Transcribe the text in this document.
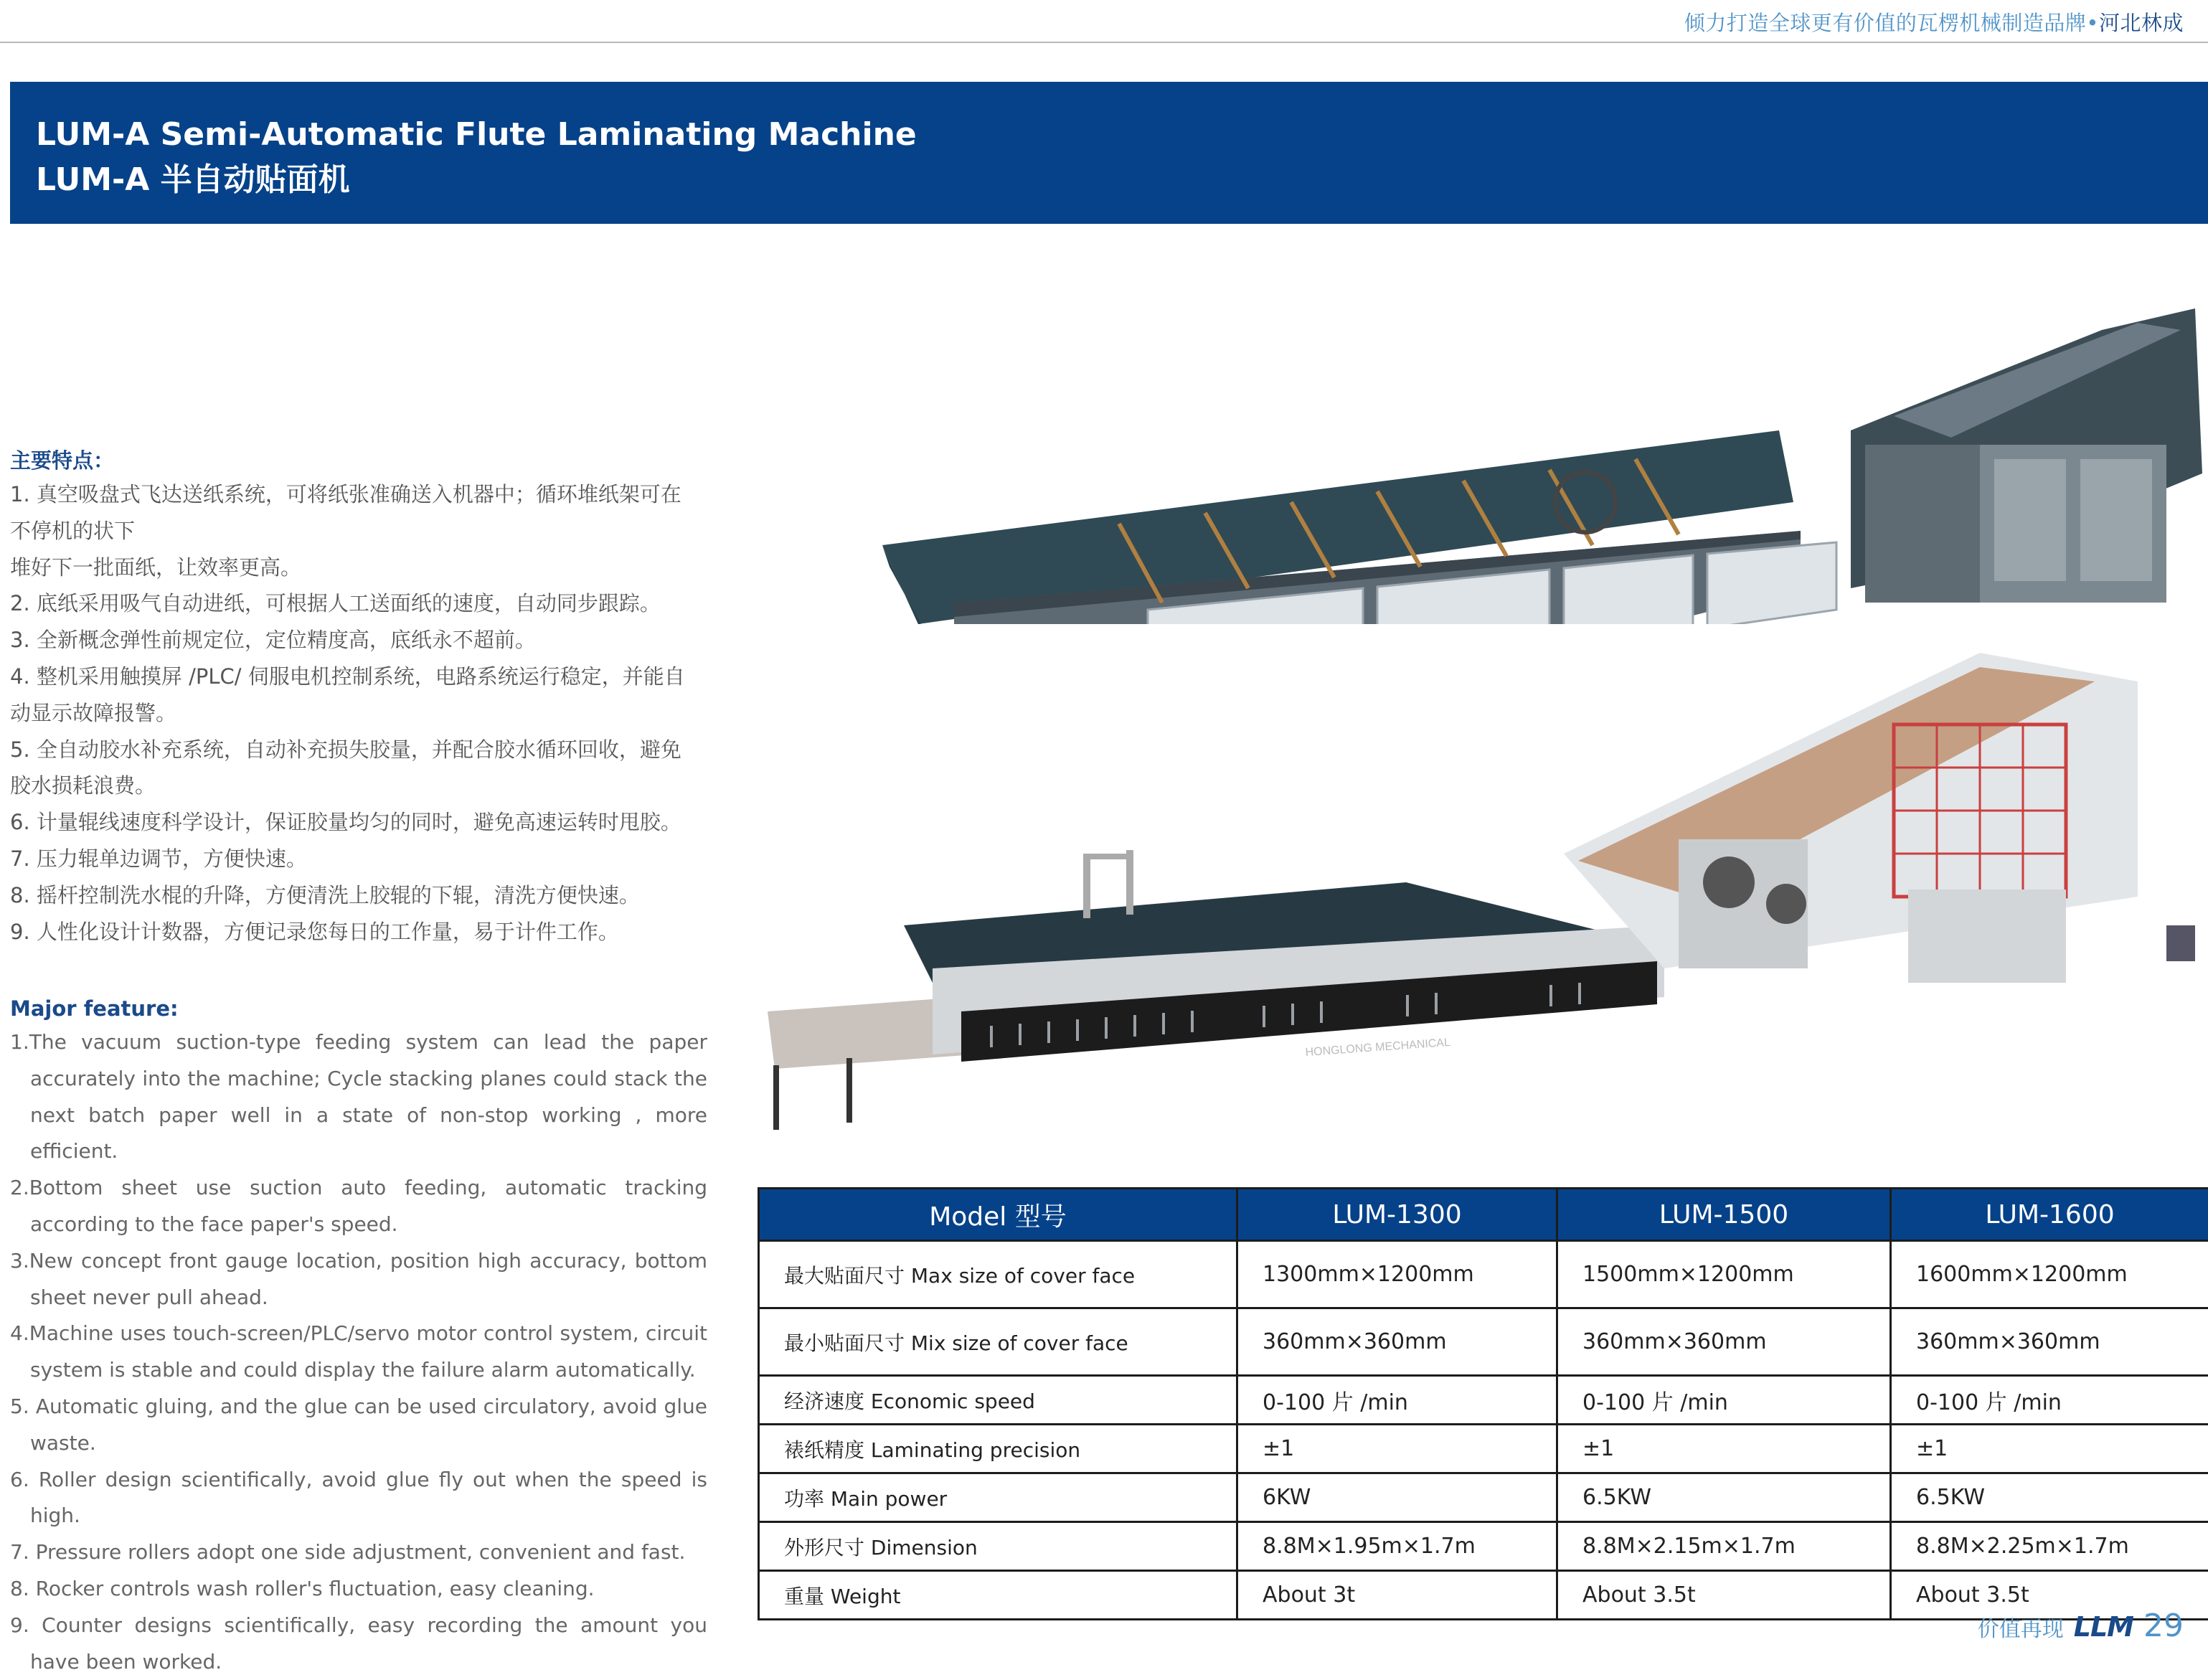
倾力打造全球更有价值的瓦楞机械制造品牌•河北林成
LUM-A Semi-Automatic Flute Laminating Machine
LUM-A 半自动贴面机
主要特点：
1. 真空吸盘式飞达送纸系统，可将纸张准确送入机器中；循环堆纸架可在
不停机的状下
堆好下一批面纸，让效率更高。
2. 底纸采用吸气自动进纸，可根据人工送面纸的速度，自动同步跟踪。
3. 全新概念弹性前规定位，定位精度高，底纸永不超前。
4. 整机采用触摸屏 /PLC/ 伺服电机控制系统，电路系统运行稳定，并能自
动显示故障报警。
5. 全自动胶水补充系统，自动补充损失胶量，并配合胶水循环回收，避免
胶水损耗浪费。
6. 计量辊线速度科学设计，保证胶量均匀的同时，避免高速运转时甩胶。
7. 压力辊单边调节，方便快速。
8. 摇杆控制洗水棍的升降，方便清洗上胶辊的下辊，清洗方便快速。
9. 人性化设计计数器，方便记录您每日的工作量，易于计件工作。
Major feature:
1.The vacuum suction-type feeding system can lead the paper accurately into the machine; Cycle stacking planes could stack the next batch paper well in a state of non-stop working , more efficient.
2.Bottom sheet use suction auto feeding, automatic tracking according to the face paper's speed.
3.New concept front gauge location, position high accuracy, bottom sheet never pull ahead.
4.Machine uses touch-screen/PLC/servo motor control system, circuit system is stable and could display the failure alarm automatically.
5. Automatic gluing, and the glue can be used circulatory, avoid glue waste.
6. Roller design scientifically, avoid glue fly out when the speed is high.
7. Pressure rollers adopt one side adjustment, convenient and fast.
8. Rocker controls wash roller's fluctuation, easy cleaning.
9. Counter designs scientifically, easy recording the amount you have been worked.
LUM-A
LUM-B
HONGLONG MECHANICAL
Model 型号	LUM-1300	LUM-1500	LUM-1600
最大贴面尺寸 Max size of cover face	1300mm×1200mm	1500mm×1200mm	1600mm×1200mm
最小贴面尺寸 Mix size of cover face	360mm×360mm	360mm×360mm	360mm×360mm
经济速度 Economic speed	0-100 片 /min	0-100 片 /min	0-100 片 /min
裱纸精度 Laminating precision	±1	±1	±1
功率 Main power	6KW	6.5KW	6.5KW
外形尺寸 Dimension	8.8M×1.95m×1.7m	8.8M×2.15m×1.7m	8.8M×2.25m×1.7m
重量 Weight	About 3t	About 3.5t	About 3.5t
价值再现 LLM 29
